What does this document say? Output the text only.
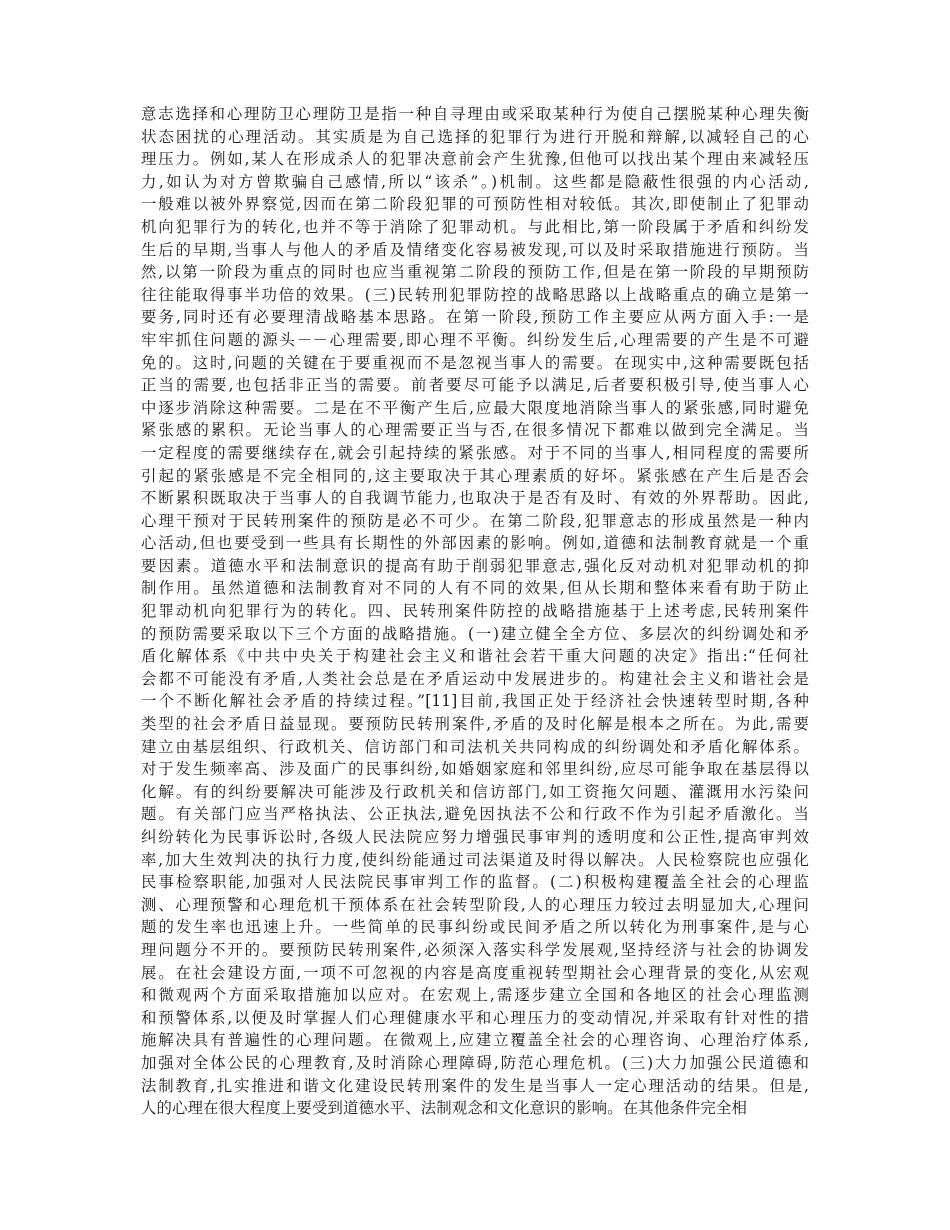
意志选择和心理防卫心理防卫是指一种自寻理由或采取某种行为使自己摆脱某种心理失衡
状态困扰的心理活动。其实质是为自己选择的犯罪行为进行开脱和辩解,以减轻自己的心
理压力。例如,某人在形成杀人的犯罪决意前会产生犹豫,但他可以找出某个理由来减轻压
力,如认为对方曾欺骗自己感情,所以“该杀”。)机制。这些都是隐蔽性很强的内心活动,
一般难以被外界察觉,因而在第二阶段犯罪的可预防性相对较低。其次,即使制止了犯罪动
机向犯罪行为的转化,也并不等于消除了犯罪动机。与此相比,第一阶段属于矛盾和纠纷发
生后的早期,当事人与他人的矛盾及情绪变化容易被发现,可以及时采取措施进行预防。当
然,以第一阶段为重点的同时也应当重视第二阶段的预防工作,但是在第一阶段的早期预防
往往能取得事半功倍的效果。(三)民转刑犯罪防控的战略思路以上战略重点的确立是第一
要务,同时还有必要理清战略基本思路。在第一阶段,预防工作主要应从两方面入手:一是
牢牢抓住问题的源头－－心理需要,即心理不平衡。纠纷发生后,心理需要的产生是不可避
免的。这时,问题的关键在于要重视而不是忽视当事人的需要。在现实中,这种需要既包括
正当的需要,也包括非正当的需要。前者要尽可能予以满足,后者要积极引导,使当事人心
中逐步消除这种需要。二是在不平衡产生后,应最大限度地消除当事人的紧张感,同时避免
紧张感的累积。无论当事人的心理需要正当与否,在很多情况下都难以做到完全满足。当
一定程度的需要继续存在,就会引起持续的紧张感。对于不同的当事人,相同程度的需要所
引起的紧张感是不完全相同的,这主要取决于其心理素质的好坏。紧张感在产生后是否会
不断累积既取决于当事人的自我调节能力,也取决于是否有及时、有效的外界帮助。因此,
心理干预对于民转刑案件的预防是必不可少。在第二阶段,犯罪意志的形成虽然是一种内
心活动,但也要受到一些具有长期性的外部因素的影响。例如,道德和法制教育就是一个重
要因素。道德水平和法制意识的提高有助于削弱犯罪意志,强化反对动机对犯罪动机的抑
制作用。虽然道德和法制教育对不同的人有不同的效果,但从长期和整体来看有助于防止
犯罪动机向犯罪行为的转化。四、民转刑案件防控的战略措施基于上述考虑,民转刑案件
的预防需要采取以下三个方面的战略措施。(一)建立健全全方位、多层次的纠纷调处和矛
盾化解体系《中共中央关于构建社会主义和谐社会若干重大问题的决定》指出:“任何社
会都不可能没有矛盾,人类社会总是在矛盾运动中发展进步的。构建社会主义和谐社会是
一个不断化解社会矛盾的持续过程。”[11]目前,我国正处于经济社会快速转型时期,各种
类型的社会矛盾日益显现。要预防民转刑案件,矛盾的及时化解是根本之所在。为此,需要
建立由基层组织、行政机关、信访部门和司法机关共同构成的纠纷调处和矛盾化解体系。
对于发生频率高、涉及面广的民事纠纷,如婚姻家庭和邻里纠纷,应尽可能争取在基层得以
化解。有的纠纷要解决可能涉及行政机关和信访部门,如工资拖欠问题、灌溉用水污染问
题。有关部门应当严格执法、公正执法,避免因执法不公和行政不作为引起矛盾激化。当
纠纷转化为民事诉讼时,各级人民法院应努力增强民事审判的透明度和公正性,提高审判效
率,加大生效判决的执行力度,使纠纷能通过司法渠道及时得以解决。人民检察院也应强化
民事检察职能,加强对人民法院民事审判工作的监督。(二)积极构建覆盖全社会的心理监
测、心理预警和心理危机干预体系在社会转型阶段,人的心理压力较过去明显加大,心理问
题的发生率也迅速上升。一些简单的民事纠纷或民间矛盾之所以转化为刑事案件,是与心
理问题分不开的。要预防民转刑案件,必须深入落实科学发展观,坚持经济与社会的协调发
展。在社会建设方面,一项不可忽视的内容是高度重视转型期社会心理背景的变化,从宏观
和微观两个方面采取措施加以应对。在宏观上,需逐步建立全国和各地区的社会心理监测
和预警体系,以便及时掌握人们心理健康水平和心理压力的变动情况,并采取有针对性的措
施解决具有普遍性的心理问题。在微观上,应建立覆盖全社会的心理咨询、心理治疗体系,
加强对全体公民的心理教育,及时消除心理障碍,防范心理危机。(三)大力加强公民道德和
法制教育,扎实推进和谐文化建设民转刑案件的发生是当事人一定心理活动的结果。但是,
人的心理在很大程度上要受到道德水平、法制观念和文化意识的影响。在其他条件完全相
